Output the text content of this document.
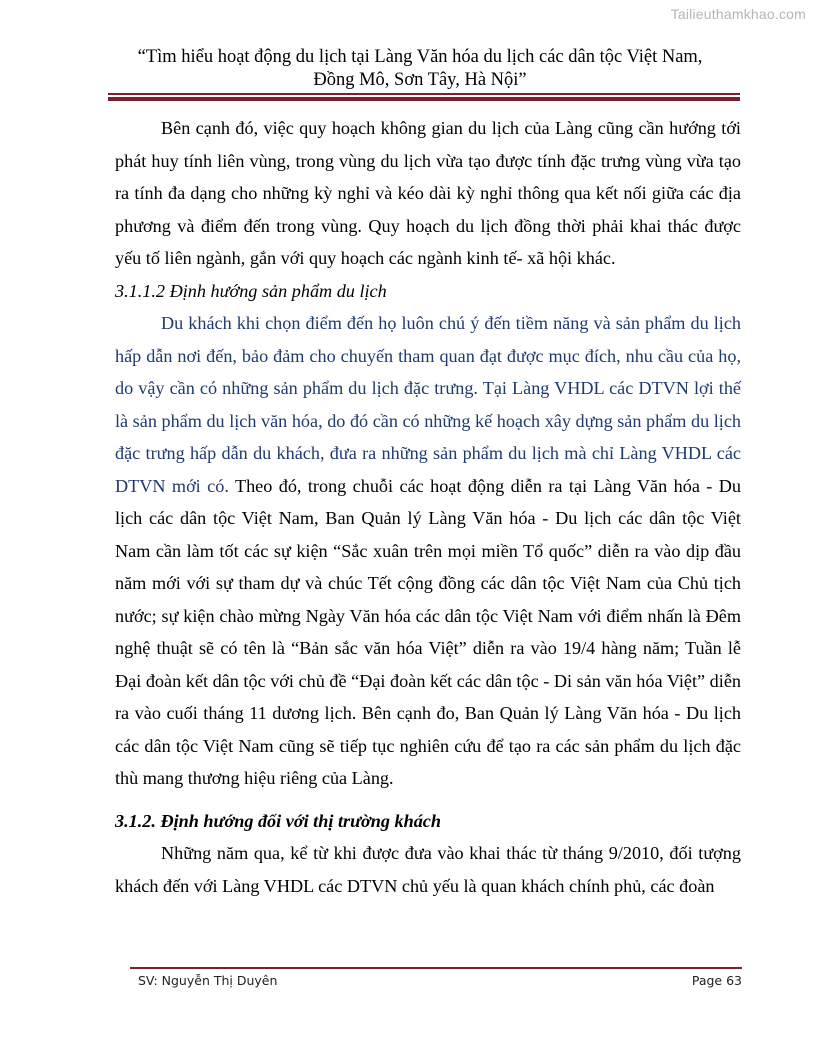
Tailieuthamkhao.com
“Tìm hiểu hoạt động du lịch tại Làng Văn hóa du lịch các dân tộc Việt Nam,
Đồng Mô, Sơn Tây, Hà Nội”

Bên cạnh đó, việc quy hoạch không gian du lịch của Làng cũng cần hướng tới phát huy tính liên vùng, trong vùng du lịch vừa tạo được tính đặc trưng vùng vừa tạo ra tính đa dạng cho những kỳ nghỉ và kéo dài kỳ nghỉ thông qua kết nối giữa các địa phương và điểm đến trong vùng. Quy hoạch du lịch đồng thời phải khai thác được yếu tố liên ngành, gắn với quy hoạch các ngành kinh tế- xã hội khác.

3.1.1.2 Định hướng sản phẩm du lịch

Du khách khi chọn điểm đến họ luôn chú ý đến tiềm năng và sản phẩm du lịch hấp dẫn nơi đến, bảo đảm cho chuyến tham quan đạt được mục đích, nhu cầu của họ, do vậy cần có những sản phẩm du lịch đặc trưng. Tại Làng VHDL các DTVN lợi thế là sản phẩm du lịch văn hóa, do đó cần có những kế hoạch xây dựng sản phẩm du lịch đặc trưng hấp dẫn du khách, đưa ra những sản phẩm du lịch mà chỉ Làng VHDL các DTVN mới có. Theo đó, trong chuỗi các hoạt động diễn ra tại Làng Văn hóa - Du lịch các dân tộc Việt Nam, Ban Quản lý Làng Văn hóa - Du lịch các dân tộc Việt Nam cần làm tốt các sự kiện “Sắc xuân trên mọi miền Tổ quốc” diễn ra vào dịp đầu năm mới với sự tham dự và chúc Tết cộng đồng các dân tộc Việt Nam của Chủ tịch nước; sự kiện chào mừng Ngày Văn hóa các dân tộc Việt Nam với điểm nhấn là Đêm nghệ thuật sẽ có tên là “Bản sắc văn hóa Việt” diễn ra vào 19/4 hàng năm; Tuần lễ Đại đoàn kết dân tộc với chủ đề “Đại đoàn kết các dân tộc - Di sản văn hóa Việt” diễn ra vào cuối tháng 11 dương lịch. Bên cạnh đo, Ban Quản lý Làng Văn hóa - Du lịch các dân tộc Việt Nam cũng sẽ tiếp tục nghiên cứu để tạo ra các sản phẩm du lịch đặc thù mang thương hiệu riêng của Làng.

3.1.2. Định hướng đối với thị trường khách

Những năm qua, kể từ khi được đưa vào khai thác từ tháng 9/2010, đối tượng khách đến với Làng VHDL các DTVN chủ yếu là quan khách chính phủ, các đoàn

SV: Nguyễn Thị Duyên	Page 63
